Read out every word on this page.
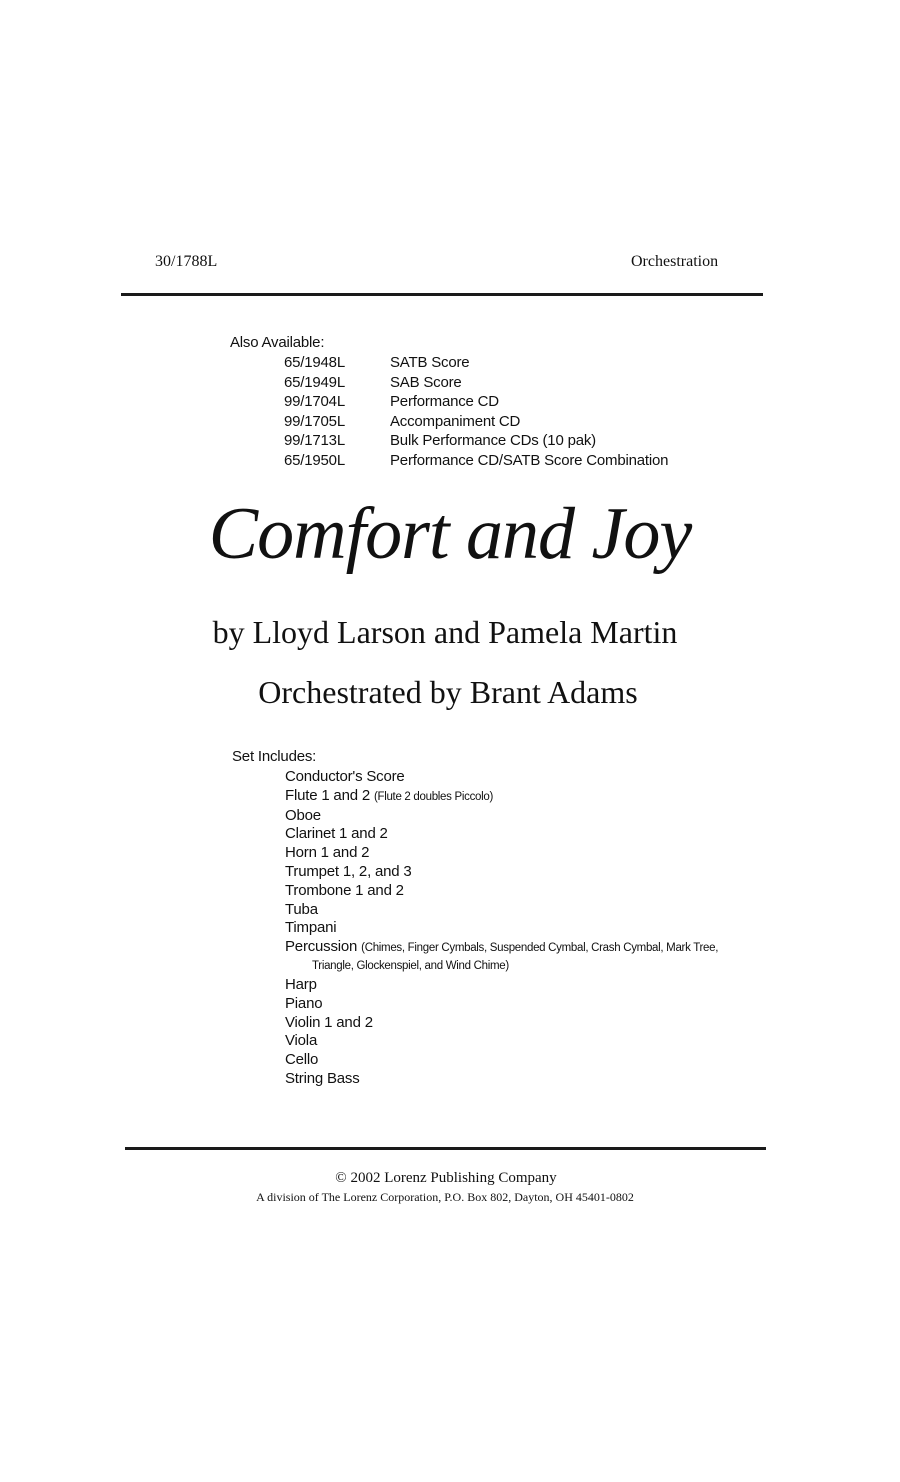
30/1788L	Orchestration
Also Available:
65/1948L	SATB Score
65/1949L	SAB Score
99/1704L	Performance CD
99/1705L	Accompaniment CD
99/1713L	Bulk Performance CDs (10 pak)
65/1950L	Performance CD/SATB Score Combination
Comfort and Joy
by Lloyd Larson and Pamela Martin
Orchestrated by Brant Adams
Set Includes:
Conductor's Score
Flute 1 and 2 (Flute 2 doubles Piccolo)
Oboe
Clarinet 1 and 2
Horn 1 and 2
Trumpet 1, 2, and 3
Trombone 1 and 2
Tuba
Timpani
Percussion (Chimes, Finger Cymbals, Suspended Cymbal, Crash Cymbal, Mark Tree,
Triangle, Glockenspiel, and Wind Chime)
Harp
Piano
Violin 1 and 2
Viola
Cello
String Bass
© 2002 Lorenz Publishing Company
A division of The Lorenz Corporation, P.O. Box 802, Dayton, OH 45401-0802
